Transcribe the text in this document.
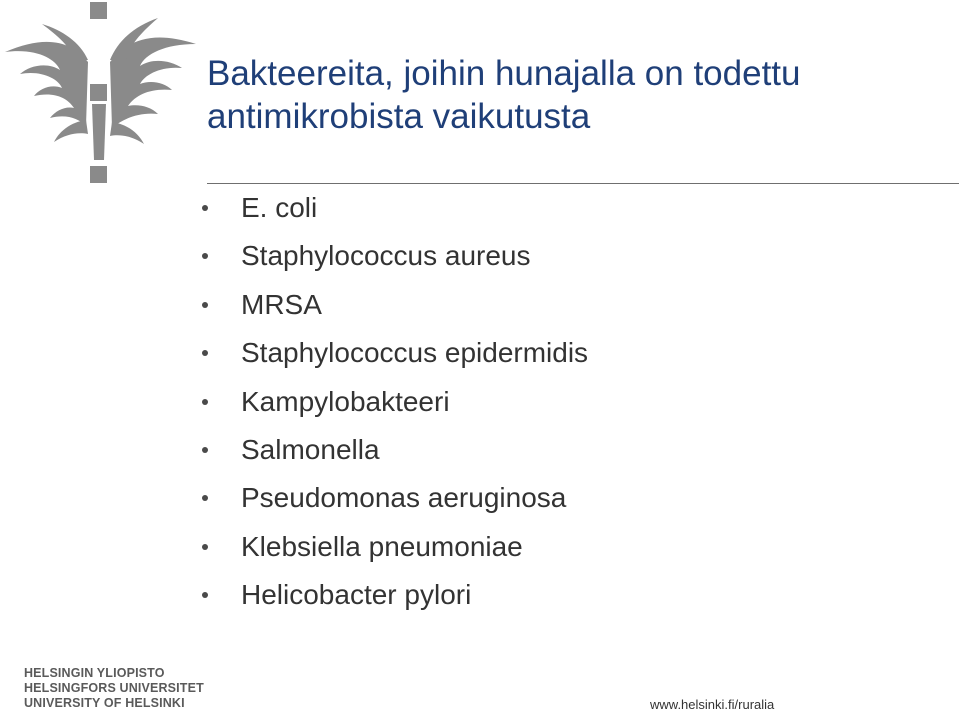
Bakteereita, joihin hunajalla on todettu
antimikrobista vaikutusta
E. coli
Staphylococcus aureus
MRSA
Staphylococcus epidermidis
Kampylobakteeri
Salmonella
Pseudomonas aeruginosa
Klebsiella pneumoniae
Helicobacter pylori
HELSINGIN YLIOPISTO
HELSINGFORS UNIVERSITET
UNIVERSITY OF HELSINKI	www.helsinki.fi/ruralia
